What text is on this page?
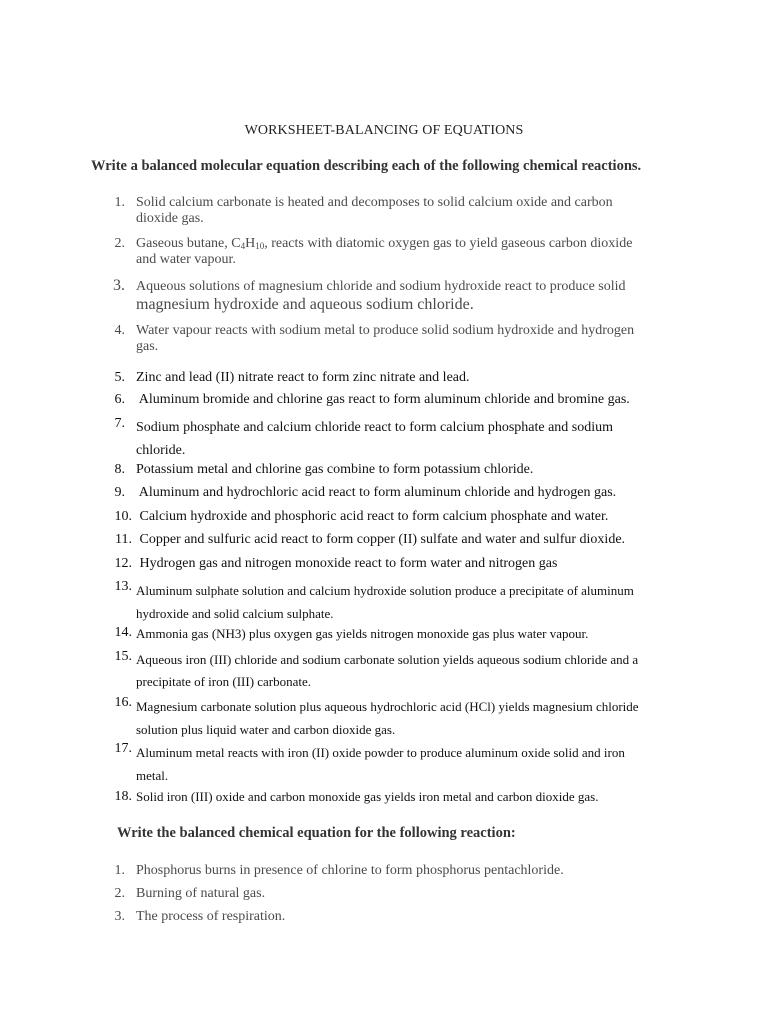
WORKSHEET-BALANCING OF EQUATIONS
Write a balanced molecular equation describing each of the following chemical reactions.
1. Solid calcium carbonate is heated and decomposes to solid calcium oxide and carbon
dioxide gas.
2. Gaseous butane, $C_4H_{10}$, reacts with diatomic oxygen gas to yield gaseous carbon dioxide
and water vapour.
3. Aqueous solutions of magnesium chloride and sodium hydroxide react to produce solid
magnesium hydroxide and aqueous sodium chloride.
4. Water vapour reacts with sodium metal to produce solid sodium hydroxide and hydrogen
gas.
5. Zinc and lead (II) nitrate react to form zinc nitrate and lead.
6. Aluminum bromide and chlorine gas react to form aluminum chloride and bromine gas.
7. Sodium phosphate and calcium chloride react to form calcium phosphate and sodium
chloride.
8. Potassium metal and chlorine gas combine to form potassium chloride.
9. Aluminum and hydrochloric acid react to form aluminum chloride and hydrogen gas.
10. Calcium hydroxide and phosphoric acid react to form calcium phosphate and water.
11. Copper and sulfuric acid react to form copper (II) sulfate and water and sulfur dioxide.
12. Hydrogen gas and nitrogen monoxide react to form water and nitrogen gas
13. Aluminum sulphate solution and calcium hydroxide solution produce a precipitate of aluminum
hydroxide and solid calcium sulphate.
14. Ammonia gas (NH3) plus oxygen gas yields nitrogen monoxide gas plus water vapour.
15. Aqueous iron (III) chloride and sodium carbonate solution yields aqueous sodium chloride and a
precipitate of iron (III) carbonate.
16. Magnesium carbonate solution plus aqueous hydrochloric acid (HCl) yields magnesium chloride
solution plus liquid water and carbon dioxide gas.
17. Aluminum metal reacts with iron (II) oxide powder to produce aluminum oxide solid and iron
metal.
18. Solid iron (III) oxide and carbon monoxide gas yields iron metal and carbon dioxide gas.
Write the balanced chemical equation for the following reaction:
1. Phosphorus burns in presence of chlorine to form phosphorus pentachloride.
2. Burning of natural gas.
3. The process of respiration.
